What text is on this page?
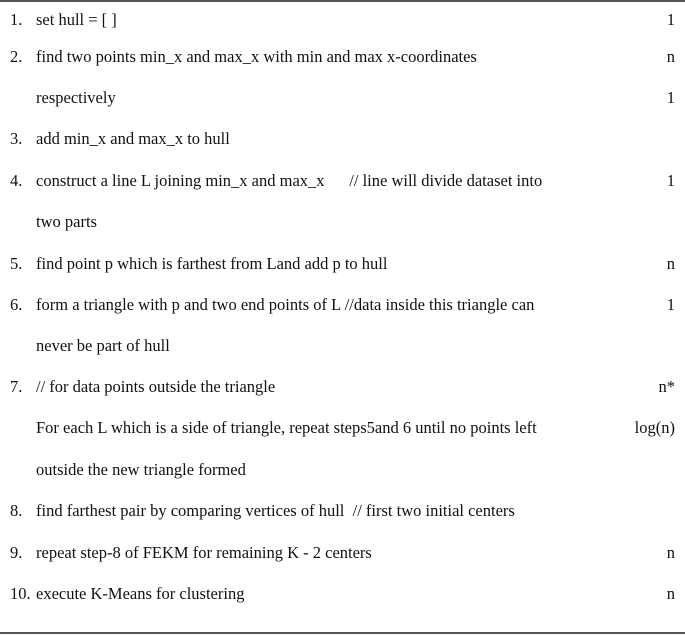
1. set hull = [ ]	1
2. find two points min_x and max_x with min and max x-coordinates	n
respectively	1
3. add min_x and max_x to hull
4. construct a line L joining min_x and max_x      // line will divide dataset into	1
two parts
5. find point p which is farthest from Land add p to hull	n
6. form a triangle with p and two end points of L //data inside this triangle can	1
never be part of hull
7. // for data points outside the triangle	n*
For each L which is a side of triangle, repeat steps5and 6 until no points left	log(n)
outside the new triangle formed
8. find farthest pair by comparing vertices of hull  // first two initial centers
9. repeat step-8 of FEKM for remaining K - 2 centers	n
10. execute K-Means for clustering	n
